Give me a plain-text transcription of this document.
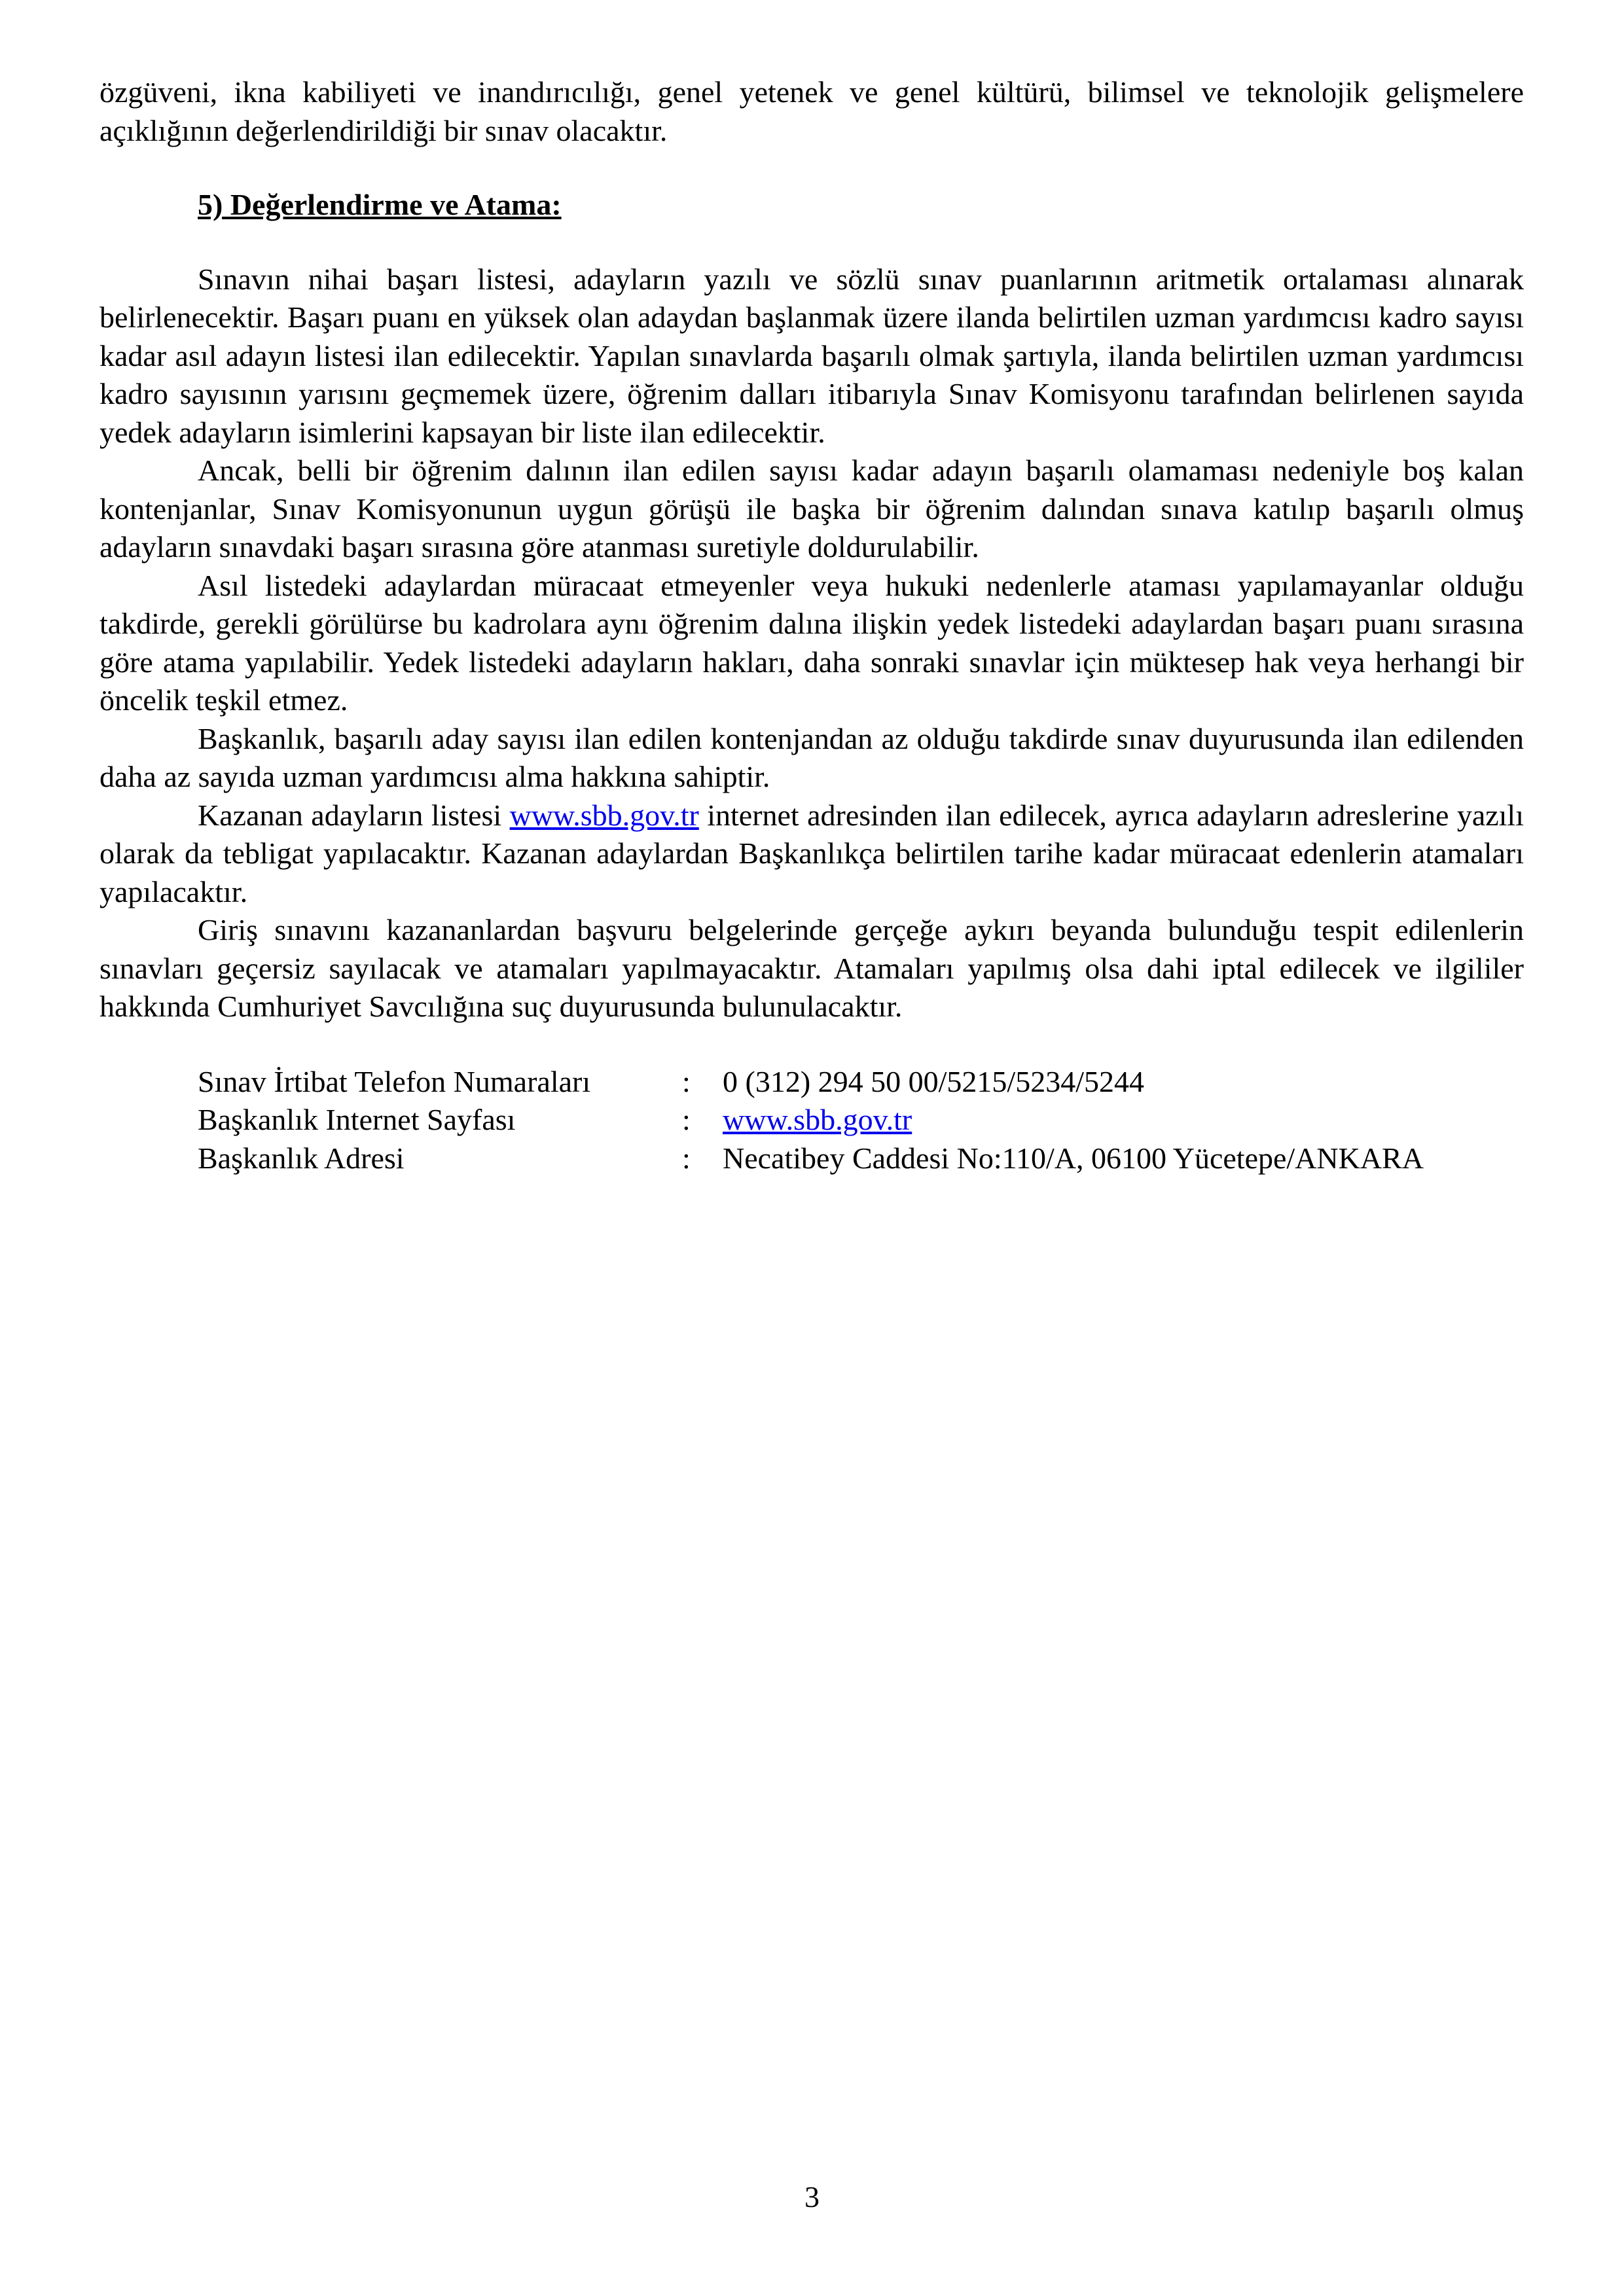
özgüveni, ikna kabiliyeti ve inandırıcılığı, genel yetenek ve genel kültürü, bilimsel ve teknolojik gelişmelere açıklığının değerlendirildiği bir sınav olacaktır.

5) Değerlendirme ve Atama:

Sınavın nihai başarı listesi, adayların yazılı ve sözlü sınav puanlarının aritmetik ortalaması alınarak belirlenecektir. Başarı puanı en yüksek olan adaydan başlanmak üzere ilanda belirtilen uzman yardımcısı kadro sayısı kadar asıl adayın listesi ilan edilecektir. Yapılan sınavlarda başarılı olmak şartıyla, ilanda belirtilen uzman yardımcısı kadro sayısının yarısını geçmemek üzere, öğrenim dalları itibarıyla Sınav Komisyonu tarafından belirlenen sayıda yedek adayların isimlerini kapsayan bir liste ilan edilecektir.

Ancak, belli bir öğrenim dalının ilan edilen sayısı kadar adayın başarılı olamaması nedeniyle boş kalan kontenjanlar, Sınav Komisyonunun uygun görüşü ile başka bir öğrenim dalından sınava katılıp başarılı olmuş adayların sınavdaki başarı sırasına göre atanması suretiyle doldurulabilir.

Asıl listedeki adaylardan müracaat etmeyenler veya hukuki nedenlerle ataması yapılamayanlar olduğu takdirde, gerekli görülürse bu kadrolara aynı öğrenim dalına ilişkin yedek listedeki adaylardan başarı puanı sırasına göre atama yapılabilir. Yedek listedeki adayların hakları, daha sonraki sınavlar için müktesep hak veya herhangi bir öncelik teşkil etmez.

Başkanlık, başarılı aday sayısı ilan edilen kontenjandan az olduğu takdirde sınav duyurusunda ilan edilenden daha az sayıda uzman yardımcısı alma hakkına sahiptir.

Kazanan adayların listesi www.sbb.gov.tr internet adresinden ilan edilecek, ayrıca adayların adreslerine yazılı olarak da tebligat yapılacaktır. Kazanan adaylardan Başkanlıkça belirtilen tarihe kadar müracaat edenlerin atamaları yapılacaktır.

Giriş sınavını kazananlardan başvuru belgelerinde gerçeğe aykırı beyanda bulunduğu tespit edilenlerin sınavları geçersiz sayılacak ve atamaları yapılmayacaktır. Atamaları yapılmış olsa dahi iptal edilecek ve ilgililer hakkında Cumhuriyet Savcılığına suç duyurusunda bulunulacaktır.

Sınav İrtibat Telefon Numaraları	:	0 (312) 294 50 00/5215/5234/5244
Başkanlık Internet Sayfası	:	www.sbb.gov.tr
Başkanlık Adresi	:	Necatibey Caddesi No:110/A, 06100 Yücetepe/ANKARA
3
